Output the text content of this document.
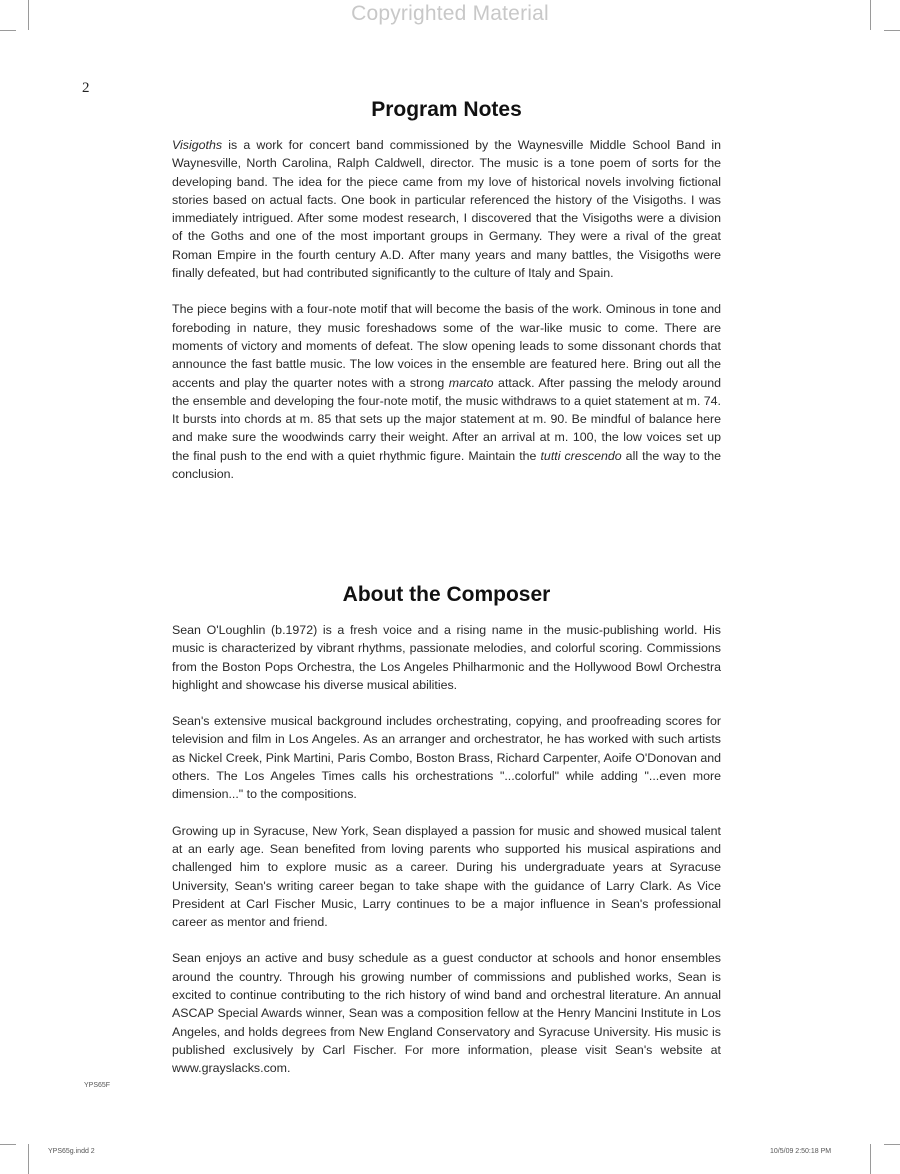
Copyrighted Material
2
Program Notes

Visigoths is a work for concert band commissioned by the Waynesville Middle School Band in Waynesville, North Carolina, Ralph Caldwell, director. The music is a tone poem of sorts for the developing band. The idea for the piece came from my love of historical novels involving fictional stories based on actual facts. One book in particular referenced the history of the Visigoths. I was immediately intrigued. After some modest research, I discovered that the Visigoths were a division of the Goths and one of the most important groups in Germany. They were a rival of the great Roman Empire in the fourth century A.D. After many years and many battles, the Visigoths were finally defeated, but had contributed significantly to the culture of Italy and Spain.

The piece begins with a four-note motif that will become the basis of the work. Ominous in tone and foreboding in nature, they music foreshadows some of the war-like music to come. There are moments of victory and moments of defeat. The slow opening leads to some dissonant chords that announce the fast battle music. The low voices in the ensemble are featured here. Bring out all the accents and play the quarter notes with a strong marcato attack. After passing the melody around the ensemble and developing the four-note motif, the music withdraws to a quiet statement at m. 74. It bursts into chords at m. 85 that sets up the major statement at m. 90. Be mindful of balance here and make sure the woodwinds carry their weight. After an arrival at m. 100, the low voices set up the final push to the end with a quiet rhythmic figure. Maintain the tutti crescendo all the way to the conclusion.

About the Composer

Sean O'Loughlin (b.1972) is a fresh voice and a rising name in the music-publishing world. His music is characterized by vibrant rhythms, passionate melodies, and colorful scoring. Commissions from the Boston Pops Orchestra, the Los Angeles Philharmonic and the Hollywood Bowl Orchestra highlight and showcase his diverse musical abilities.

Sean's extensive musical background includes orchestrating, copying, and proofreading scores for television and film in Los Angeles. As an arranger and orchestrator, he has worked with such artists as Nickel Creek, Pink Martini, Paris Combo, Boston Brass, Richard Carpenter, Aoife O'Donovan and others. The Los Angeles Times calls his orchestrations "...colorful" while adding "...even more dimension..." to the compositions.

Growing up in Syracuse, New York, Sean displayed a passion for music and showed musical talent at an early age. Sean benefited from loving parents who supported his musical aspirations and challenged him to explore music as a career. During his undergraduate years at Syracuse University, Sean's writing career began to take shape with the guidance of Larry Clark. As Vice President at Carl Fischer Music, Larry continues to be a major influence in Sean's professional career as mentor and friend.

Sean enjoys an active and busy schedule as a guest conductor at schools and honor ensembles around the country. Through his growing number of commissions and published works, Sean is excited to continue contributing to the rich history of wind band and orchestral literature. An annual ASCAP Special Awards winner, Sean was a composition fellow at the Henry Mancini Institute in Los Angeles, and holds degrees from New England Conservatory and Syracuse University. His music is published exclusively by Carl Fischer. For more information, please visit Sean's website at www.grayslacks.com.

YPS65F
YPS65g.indd 2	10/5/09 2:50:18 PM
